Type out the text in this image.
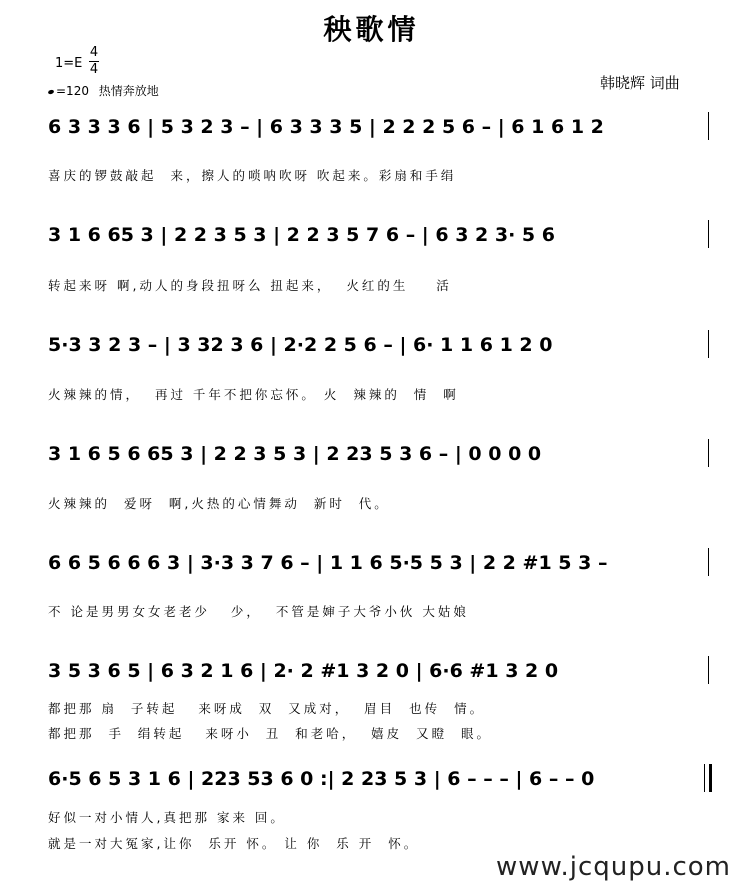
秧歌情
1=E
4
4
=120 热情奔放地	韩晓辉 词曲
6 3 3 3 6 | 5 3 2 3 – | 6 3 3 3 5 | 2 2 2 5 6 – | 6 1 6 1 2
喜庆的锣鼓敲起  来，擦人的唢呐吹呀 吹起来。彩扇和手绢
3 1 6 65 3 | 2 2 3 5 3 | 2 2 3 5 7 6 – | 6 3 2 3· 5 6
转起来呀 啊,动人的身段扭呀么 扭起来，  火红的生    活
5·3 3 2 3 – | 3 32 3 6 | 2·2 2 5 6 – | 6· 1 1 6 1 2 0
火辣辣的情，  再过 千年不把你忘怀。 火  辣辣的  情  啊
3 1 6 5 6 65 3 | 2 2 3 5 3 | 2 23 5 3 6 – | 0 0 0 0
火辣辣的  爱呀  啊,火热的心情舞动  新时  代。
6 6 5 6 6 6 3 | 3·3 3 7 6 – | 1 1 6 5·5 5 3 | 2 2 #1 5 3 –
不 论是男男女女老老少   少，  不管是婶子大爷小伙 大姑娘
3 5 3 6 5 | 6 3 2 1 6 | 2· 2 #1 3 2 0 | 6·6 #1 3 2 0
都把那 扇  子转起   来呀成  双  又成对，  眉目  也传  情。
都把那  手  绢转起   来呀小  丑  和老哈，  嬉皮  又瞪  眼。
6·5 6 5 3 1 6 | 223 53 6 0 :| 2 23 5 3 | 6 – – – | 6 – – 0
好似一对小情人,真把那 家来 回。
就是一对大冤家,让你  乐开 怀。 让 你  乐 开  怀。
www.jcqupu.com
